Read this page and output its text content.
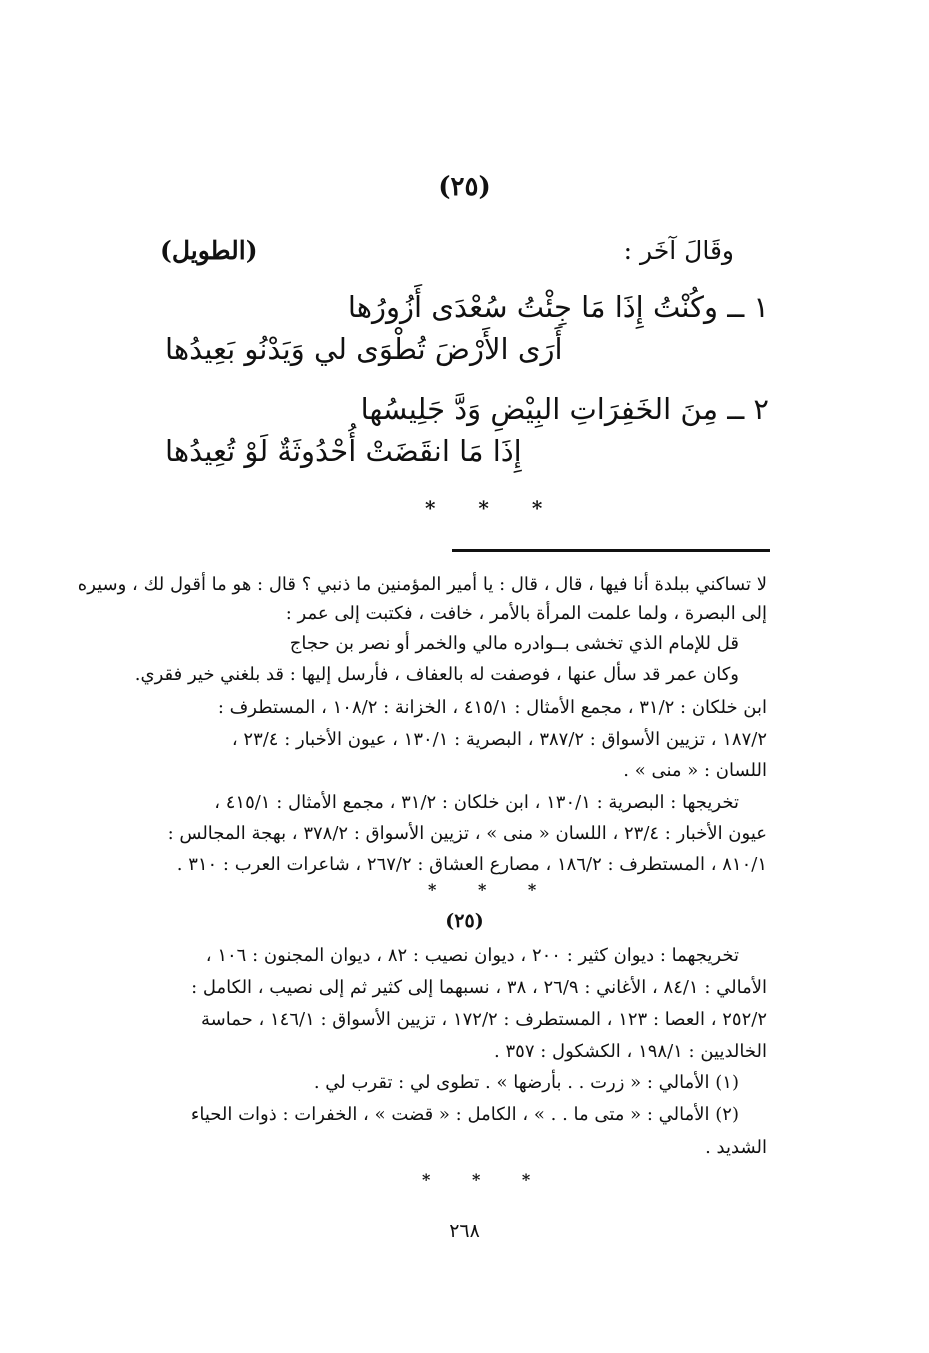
(٢٥)
وقَالَ آخَر :
(الطويل)
١ ــ وكُنْتُ إِذَا مَا جِئْتُ سُعْدَى أَزُورُها
أَرَى الأَرْضَ تُطْوَى لي وَيَدْنُو بَعِيدُها
٢ ــ مِنَ الخَفِرَاتِ البِيْضِ وَدَّ جَلِيسُها
إِذَا مَا انقَضَتْ أُحْدُوثَةٌ لَوْ تُعِيدُها
* * *
لا تساكني ببلدة أنا فيها ، قال ، قال : يا أمير المؤمنين ما ذنبي ؟ قال : هو ما أقول لك ، وسيره
إلى البصرة ، ولما علمت المرأة بالأمر ، خافت ، فكتبت إلى عمر :
قل للإمام الذي تخشى بــوادره مالي والخمر أو نصر بن حجاج
وكان عمر قد سأل عنها ، فوصفت له بالعفاف ، فأرسل إليها : قد بلغني خير فقري.
ابن خلكان : ٣١/٢ ، مجمع الأمثال : ٤١٥/١ ، الخزانة : ١٠٨/٢ ، المستطرف :
١٨٧/٢ ، تزيين الأسواق : ٣٨٧/٢ ، البصرية : ١٣٠/١ ، عيون الأخبار : ٢٣/٤ ،
اللسان : « منى » .
تخريجها : البصرية : ١٣٠/١ ، ابن خلكان : ٣١/٢ ، مجمع الأمثال : ٤١٥/١ ،
عيون الأخبار : ٢٣/٤ ، اللسان « منى » ، تزيين الأسواق : ٣٧٨/٢ ، بهجة المجالس :
٨١٠/١ ، المستطرف : ١٨٦/٢ ، مصارع العشاق : ٢٦٧/٢ ، شاعرات العرب : ٣١٠ .
* * *
(٢٥)
تخريجهما : ديوان كثير : ٢٠٠ ، ديوان نصيب : ٨٢ ، ديوان المجنون : ١٠٦ ،
الأمالي : ٨٤/١ ، الأغاني : ٢٦/٩ ، ٣٨ ، نسبهما إلى كثير ثم إلى نصيب ، الكامل :
٢٥٢/٢ ، العصا : ١٢٣ ، المستطرف : ١٧٢/٢ ، تزيين الأسواق : ١٤٦/١ ، حماسة
الخالديين : ١٩٨/١ ، الكشكول : ٣٥٧ .
(١) الأمالي : « زرت . . بأرضها » . تطوى لي : تقرب لي .
(٢) الأمالي : « متى ما . . » ، الكامل : « قضت » ، الخفرات : ذوات الحياء
الشديد .
* * *
٢٦٨
